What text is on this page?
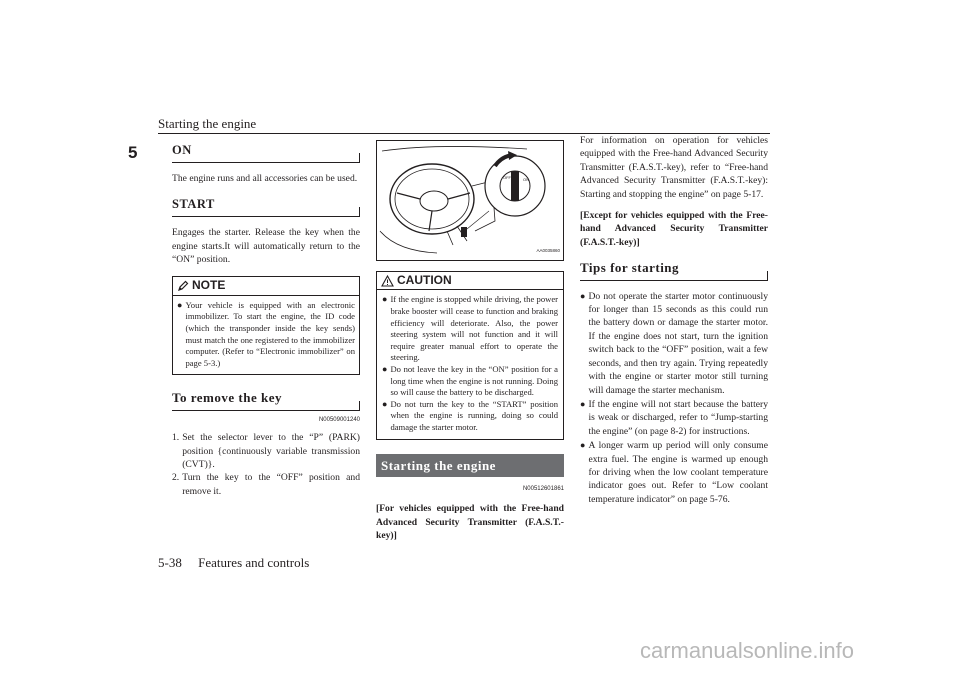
Starting the engine
5	ON

The engine runs and all accessories can be used.

START

Engages the starter. Release the key when the engine starts.It will automatically return to the “ON” position.

NOTE
● Your vehicle is equipped with an electronic immobilizer. To start the engine, the ID code (which the transponder inside the key sends) must match the one registered to the immobilizer computer. (Refer to “Electronic immobilizer” on page 5-3.)
To remove the key
N00509001240
1. Set the selector lever to the “P” (PARK) position {continuously variable transmission (CVT)}.
2. Turn the key to the “OFF” position and remove it.
OFF	ON
AA0035860
CAUTION
● If the engine is stopped while driving, the power brake booster will cease to function and braking efficiency will deteriorate. Also, the power steering system will not function and it will require greater manual effort to operate the steering.
● Do not leave the key in the “ON” position for a long time when the engine is not running. Doing so will cause the battery to be discharged.
● Do not turn the key to the “START” position when the engine is running, doing so could damage the starter motor.
Starting the engine
N00512601861
[For vehicles equipped with the Free-hand Advanced Security Transmitter (F.A.S.T.-key)]

For information on operation for vehicles equipped with the Free-hand Advanced Security Transmitter (F.A.S.T.-key), refer to “Free-hand Advanced Security Transmitter (F.A.S.T.-key): Starting and stopping the engine” on page 5-17.

[Except for vehicles equipped with the Free-hand Advanced Security Transmitter (F.A.S.T.-key)]
Tips for starting
● Do not operate the starter motor continuously for longer than 15 seconds as this could run the battery down or damage the starter motor. If the engine does not start, turn the ignition switch back to the “OFF” position, wait a few seconds, and then try again. Trying repeatedly with the engine or starter motor still turning will damage the starter mechanism.
● If the engine will not start because the battery is weak or discharged, refer to “Jump-starting the engine” (on page 8-2) for instructions.
● A longer warm up period will only consume extra fuel. The engine is warmed up enough for driving when the low coolant temperature indicator goes out. Refer to “Low coolant temperature indicator” on page 5-76.
5-38 Features and controls
carmanualsonline.info
